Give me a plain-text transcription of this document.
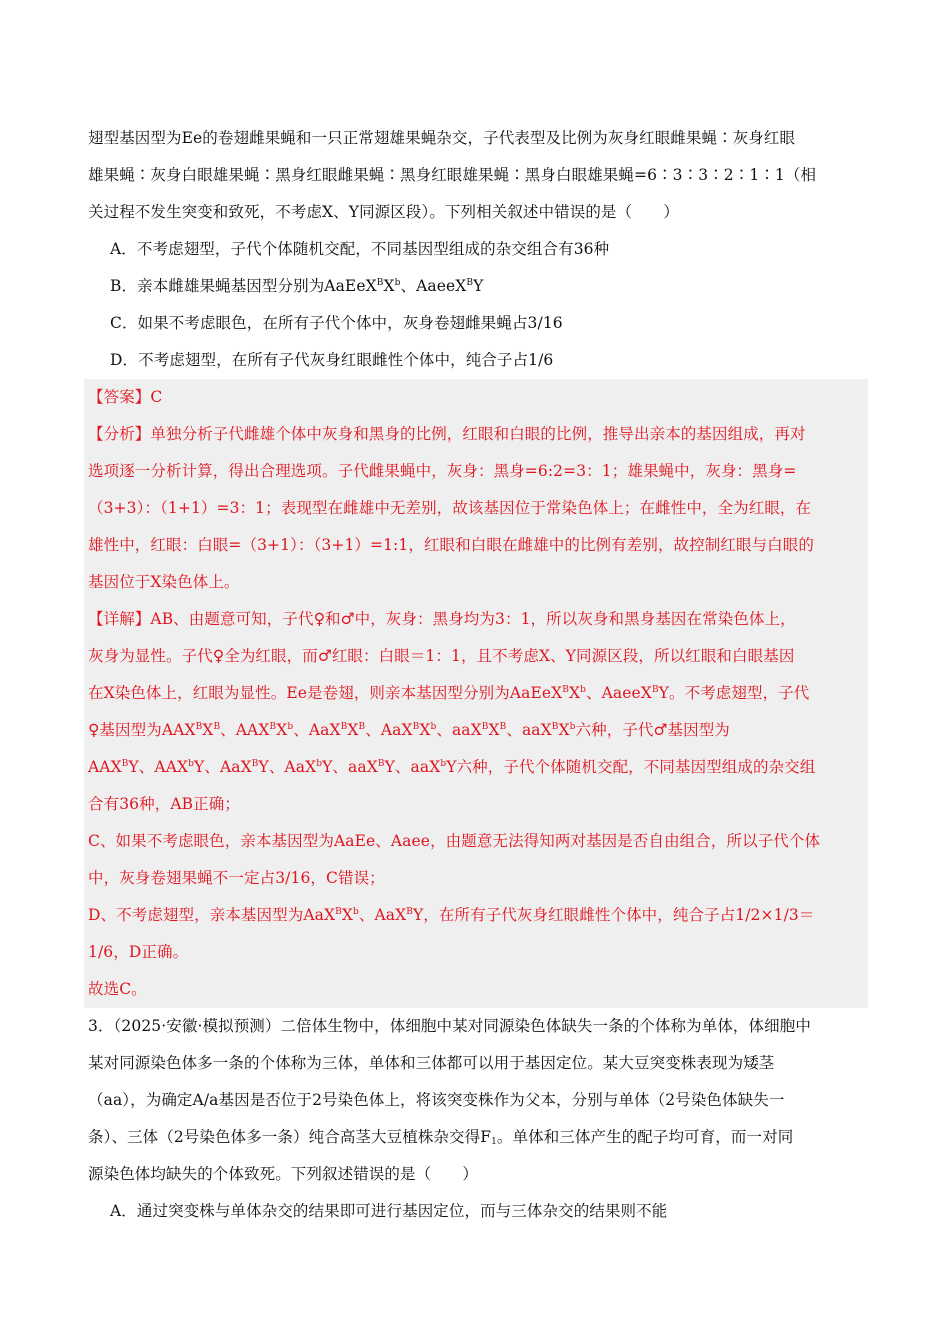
翅型基因型为Ee的卷翅雌果蝇和一只正常翅雄果蝇杂交，子代表型及比例为灰身红眼雌果蝇∶灰身红眼
雄果蝇∶灰身白眼雄果蝇∶黑身红眼雌果蝇∶黑身红眼雄果蝇∶黑身白眼雄果蝇=6∶3∶3∶2∶1∶1（相
关过程不发生突变和致死，不考虑X、Y同源区段）。下列相关叙述中错误的是（　　）
A．不考虑翅型，子代个体随机交配，不同基因型组成的杂交组合有36种
B．亲本雌雄果蝇基因型分别为$AaEeX^BX^b$、AaeeX$^B$Y
C．如果不考虑眼色，在所有子代个体中，灰身卷翅雌果蝇占3/16
D．不考虑翅型，在所有子代灰身红眼雌性个体中，纯合子占1/6
【答案】C
【分析】单独分析子代雌雄个体中灰身和黑身的比例，红眼和白眼的比例，推导出亲本的基因组成，再对
选项逐一分析计算，得出合理选项。子代雌果蝇中，灰身：黑身=6:2=3：1；雄果蝇中，灰身：黑身=
（3+3）：（1+1）=3：1；表现型在雌雄中无差别，故该基因位于常染色体上；在雌性中，全为红眼，在
雄性中，红眼：白眼=（3+1）：（3+1）=1:1，红眼和白眼在雌雄中的比例有差别，故控制红眼与白眼的
基因位于X染色体上。
【详解】AB、由题意可知，子代♀和♂中，灰身：黑身均为3：1，所以灰身和黑身基因在常染色体上，
灰身为显性。子代♀全为红眼，而♂红眼：白眼＝1：1，且不考虑X、Y同源区段，所以红眼和白眼基因
在X染色体上，红眼为显性。Ee是卷翅，则亲本基因型分别为$AaEeX^BX^b$、AaeeX$^B$Y。不考虑翅型，子代
♀基因型为$AAX^BX^B$、$AAX^BX^b$、$AaX^BX^B$、$AaX^BX^b$、$aaX^BX^B$、$aaX^BX^b$六种，子代♂基因型为
$AAX^BY$、AAX$^b$Y、AaX$^B$Y、AaX$^b$Y、aaX$^B$Y、aaX$^b$Y六种，子代个体随机交配，不同基因型组成的杂交组
合有36种，AB正确；
C、如果不考虑眼色，亲本基因型为AaEe、Aaee，由题意无法得知两对基因是否自由组合，所以子代个体
中，灰身卷翅果蝇不一定占3/16，C错误；
D、不考虑翅型，亲本基因型为$AaX^BX^b$、AaX$^B$Y，在所有子代灰身红眼雌性个体中，纯合子占1/2×1/3＝
1/6，D正确。
故选C。
3．（2025·安徽·模拟预测）二倍体生物中，体细胞中某对同源染色体缺失一条的个体称为单体，体细胞中
某对同源染色体多一条的个体称为三体，单体和三体都可以用于基因定位。某大豆突变株表现为矮茎
（aa），为确定A/a基因是否位于2号染色体上，将该突变株作为父本，分别与单体（2号染色体缺失一
条）、三体（2号染色体多一条）纯合高茎大豆植株杂交得$F_1$。单体和三体产生的配子均可育，而一对同
源染色体均缺失的个体致死。下列叙述错误的是（　　）
A．通过突变株与单体杂交的结果即可进行基因定位，而与三体杂交的结果则不能
